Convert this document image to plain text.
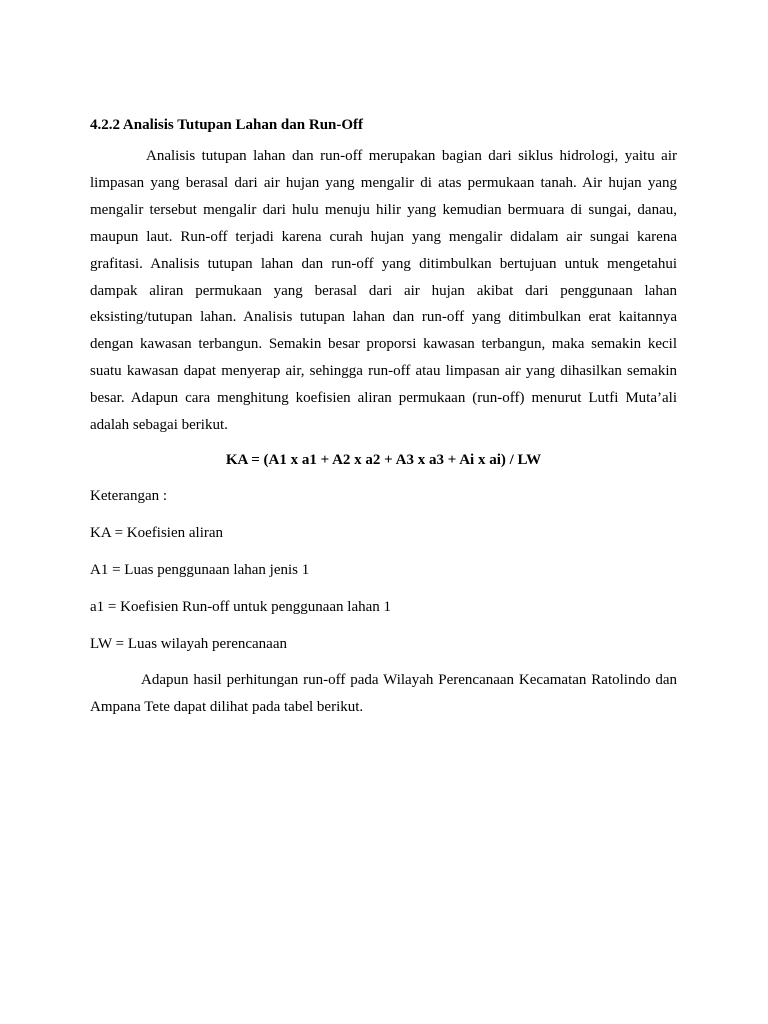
4.2.2 Analisis Tutupan Lahan dan Run-Off

Analisis tutupan lahan dan run-off merupakan bagian dari siklus hidrologi, yaitu air limpasan yang berasal dari air hujan yang mengalir di atas permukaan tanah. Air hujan yang mengalir tersebut mengalir dari hulu menuju hilir yang kemudian bermuara di sungai, danau, maupun laut. Run-off terjadi karena curah hujan yang mengalir didalam air sungai karena grafitasi. Analisis tutupan lahan dan run-off yang ditimbulkan bertujuan untuk mengetahui dampak aliran permukaan yang berasal dari air hujan akibat dari penggunaan lahan eksisting/tutupan lahan. Analisis tutupan lahan dan run-off yang ditimbulkan erat kaitannya dengan kawasan terbangun. Semakin besar proporsi kawasan terbangun, maka semakin kecil suatu kawasan dapat menyerap air, sehingga run-off atau limpasan air yang dihasilkan semakin besar. Adapun cara menghitung koefisien aliran permukaan (run-off) menurut Lutfi Muta’ali adalah sebagai berikut.

KA = (A1 x a1 + A2 x a2 + A3 x a3 + Ai x ai) / LW

Keterangan :

KA = Koefisien aliran

A1 = Luas penggunaan lahan jenis 1

a1 = Koefisien Run-off untuk penggunaan lahan 1

LW = Luas wilayah perencanaan

Adapun hasil perhitungan run-off pada Wilayah Perencanaan Kecamatan Ratolindo dan Ampana Tete dapat dilihat pada tabel berikut.
